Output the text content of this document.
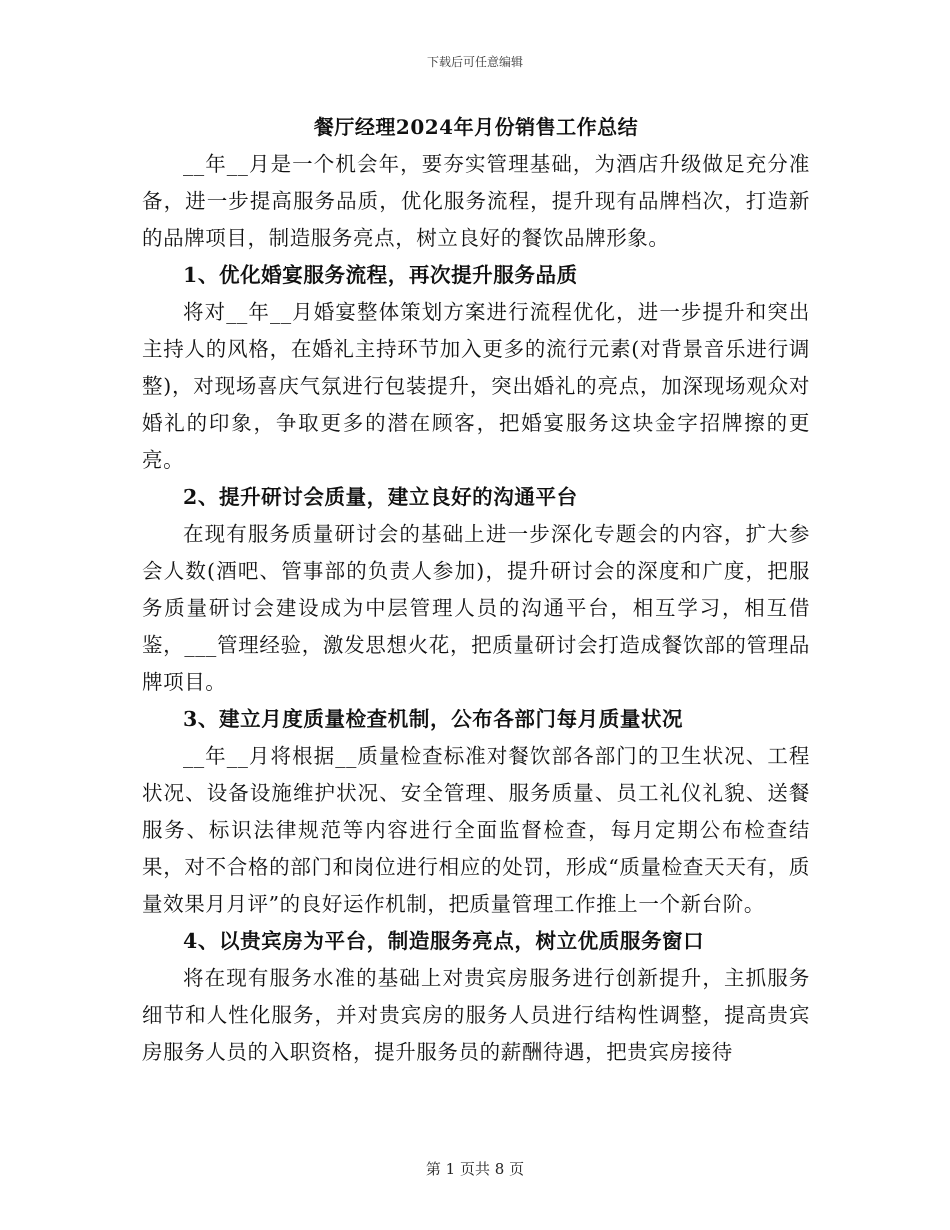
下载后可任意编辑
餐厅经理2024年月份销售工作总结

__年__月是一个机会年，要夯实管理基础，为酒店升级做足充分准备，进一步提高服务品质，优化服务流程，提升现有品牌档次，打造新的品牌项目，制造服务亮点，树立良好的餐饮品牌形象。

1、优化婚宴服务流程，再次提升服务品质

将对__年__月婚宴整体策划方案进行流程优化，进一步提升和突出主持人的风格，在婚礼主持环节加入更多的流行元素(对背景音乐进行调整)，对现场喜庆气氛进行包装提升，突出婚礼的亮点，加深现场观众对婚礼的印象，争取更多的潜在顾客，把婚宴服务这块金字招牌擦的更亮。

2、提升研讨会质量，建立良好的沟通平台

在现有服务质量研讨会的基础上进一步深化专题会的内容，扩大参会人数(酒吧、管事部的负责人参加)，提升研讨会的深度和广度，把服务质量研讨会建设成为中层管理人员的沟通平台，相互学习，相互借鉴，___管理经验，激发思想火花，把质量研讨会打造成餐饮部的管理品牌项目。

3、建立月度质量检查机制，公布各部门每月质量状况

__年__月将根据__质量检查标准对餐饮部各部门的卫生状况、工程状况、设备设施维护状况、安全管理、服务质量、员工礼仪礼貌、送餐服务、标识法律规范等内容进行全面监督检查，每月定期公布检查结果，对不合格的部门和岗位进行相应的处罚，形成“质量检查天天有，质量效果月月评”的良好运作机制，把质量管理工作推上一个新台阶。

4、以贵宾房为平台，制造服务亮点，树立优质服务窗口

将在现有服务水准的基础上对贵宾房服务进行创新提升，主抓服务细节和人性化服务，并对贵宾房的服务人员进行结构性调整，提高贵宾房服务人员的入职资格，提升服务员的薪酬待遇，把贵宾房接待

第 1 页共 8 页
